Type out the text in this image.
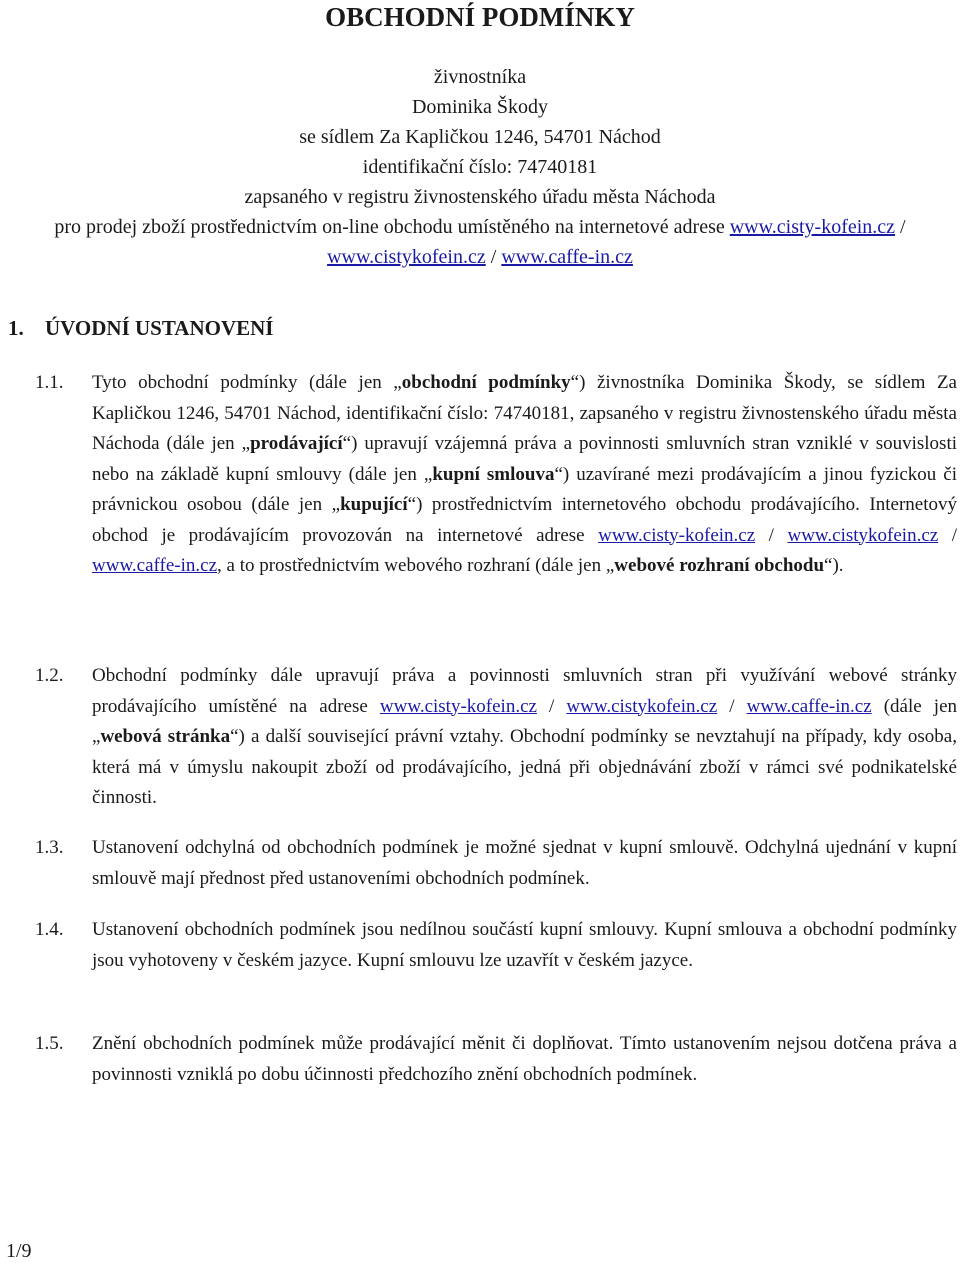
OBCHODNÍ PODMÍNKY
živnostníka
Dominika Škody
se sídlem Za Kapličkou 1246, 54701 Náchod
identifikační číslo: 74740181
zapsaného v registru živnostenského úřadu města Náchoda
pro prodej zboží prostřednictvím on-line obchodu umístěného na internetové adrese www.cisty-kofein.cz / www.cistykofein.cz / www.caffe-in.cz
1. ÚVODNÍ USTANOVENÍ
1.1.	Tyto obchodní podmínky (dále jen „obchodní podmínky“) živnostníka Dominika Škody, se sídlem Za Kapličkou 1246, 54701 Náchod, identifikační číslo: 74740181, zapsaného v registru živnostenského úřadu města Náchoda (dále jen „prodávající“) upravují vzájemná práva a povinnosti smluvních stran vzniklé v souvislosti nebo na základě kupní smlouvy (dále jen „kupní smlouva“) uzavírané mezi prodávajícím a jinou fyzickou či právnickou osobou (dále jen „kupující“) prostřednictvím internetového obchodu prodávajícího. Internetový obchod je prodávajícím provozován na internetové adrese www.cisty-kofein.cz / www.cistykofein.cz / www.caffe-in.cz, a to prostřednictvím webového rozhraní (dále jen „webové rozhraní obchodu“).
1.2.	Obchodní podmínky dále upravují práva a povinnosti smluvních stran při využívání webové stránky prodávajícího umístěné na adrese www.cisty-kofein.cz / www.cistykofein.cz / www.caffe-in.cz (dále jen „webová stránka“) a další související právní vztahy. Obchodní podmínky se nevztahují na případy, kdy osoba, která má v úmyslu nakoupit zboží od prodávajícího, jedná při objednávání zboží v rámci své podnikatelské činnosti.
1.3.	Ustanovení odchylná od obchodních podmínek je možné sjednat v kupní smlouvě. Odchylná ujednání v kupní smlouvě mají přednost před ustanoveními obchodních podmínek.
1.4.	Ustanovení obchodních podmínek jsou nedílnou součástí kupní smlouvy. Kupní smlouva a obchodní podmínky jsou vyhotoveny v českém jazyce. Kupní smlouvu lze uzavřít v českém jazyce.
1.5.	Znění obchodních podmínek může prodávající měnit či doplňovat. Tímto ustanovením nejsou dotčena práva a povinnosti vzniklá po dobu účinnosti předchozího znění obchodních podmínek.
1/9
